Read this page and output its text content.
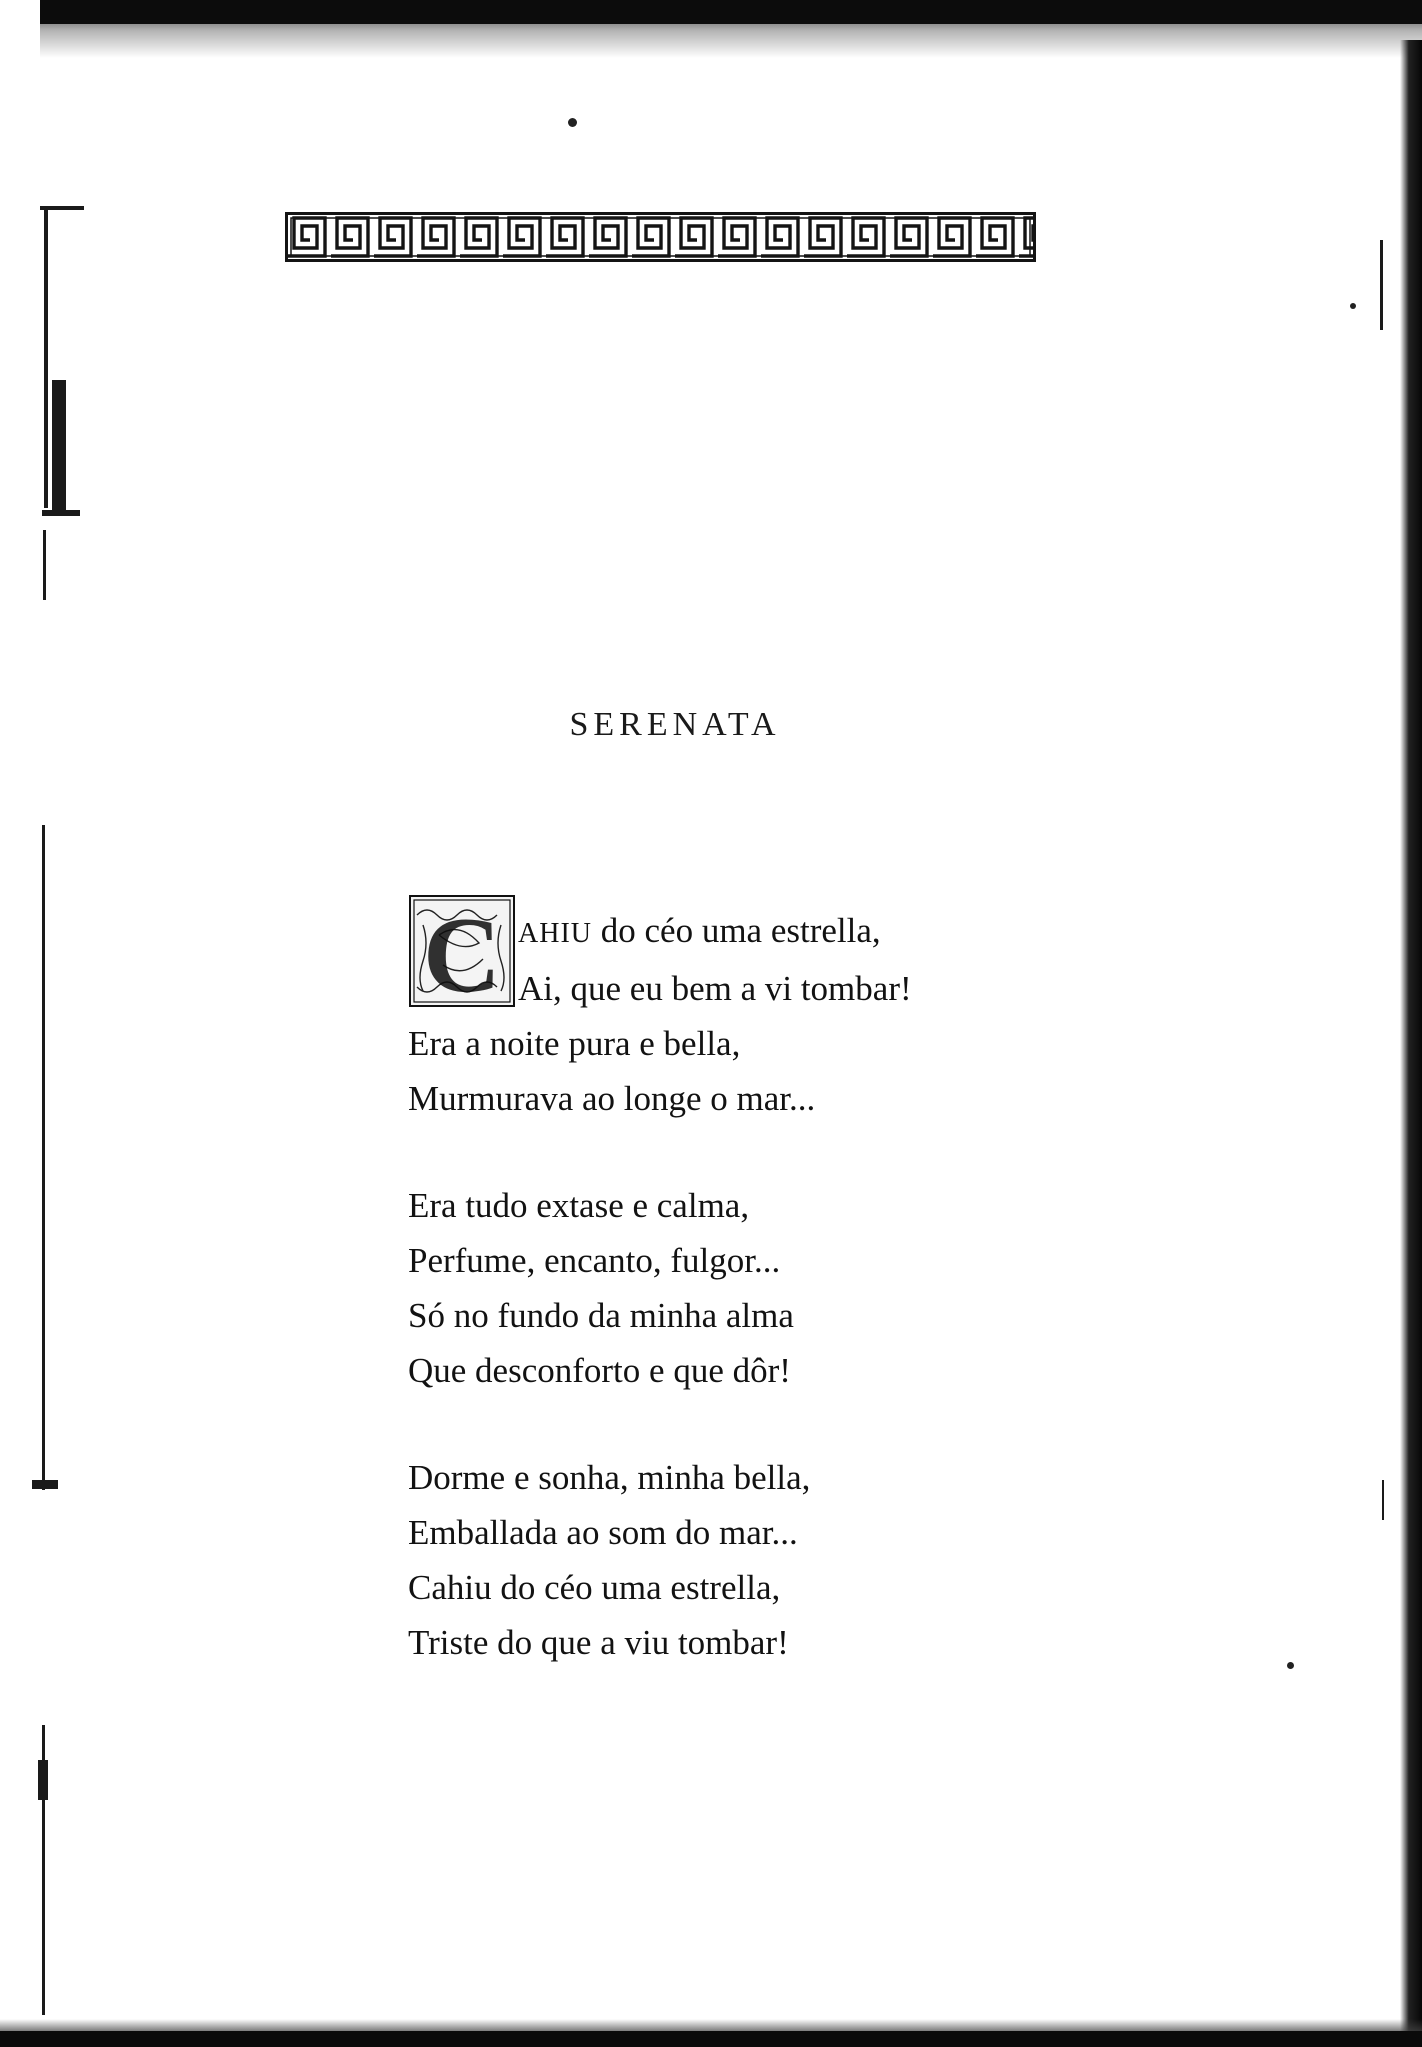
SERENATA
C AHIU do céo uma estrella,
Ai, que eu bem a vi tombar!
Era a noite pura e bella,
Murmurava ao longe o mar...
Era tudo extase e calma,
Perfume, encanto, fulgor...
Só no fundo da minha alma
Que desconforto e que dôr!
Dorme e sonha, minha bella,
Emballada ao som do mar...
Cahiu do céo uma estrella,
Triste do que a viu tombar!
